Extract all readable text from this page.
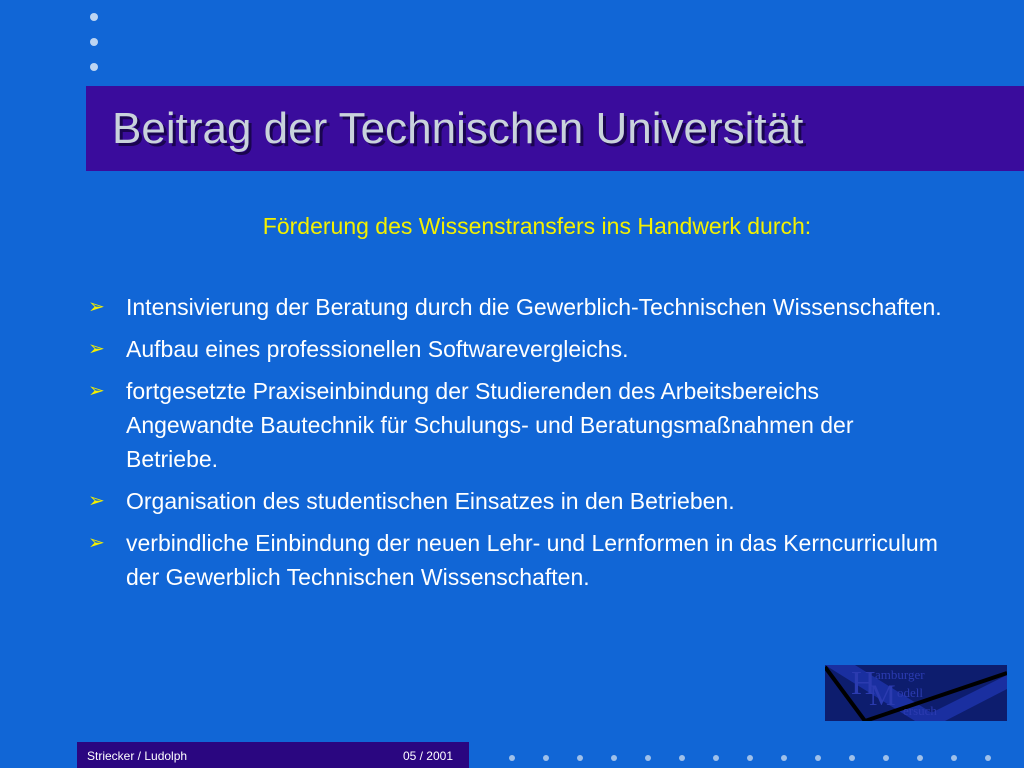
Beitrag der Technischen Universität
Förderung des Wissenstransfers ins Handwerk durch:
➢ Intensivierung der Beratung durch die Gewerblich-Technischen Wissenschaften.
➢ Aufbau eines professionellen Softwarevergleichs.
➢ fortgesetzte Praxiseinbindung der Studierenden des Arbeitsbereichs Angewandte Bautechnik für Schulungs- und Beratungsmaßnahmen der Betriebe.
➢ Organisation des studentischen Einsatzes in den Betrieben.
➢ verbindliche Einbindung der neuen Lehr- und Lernformen in das Kerncurriculum der Gewerblich Technischen Wissenschaften.
H amburger
M odell
ersuch
Striecker / Ludolph	05 / 2001
